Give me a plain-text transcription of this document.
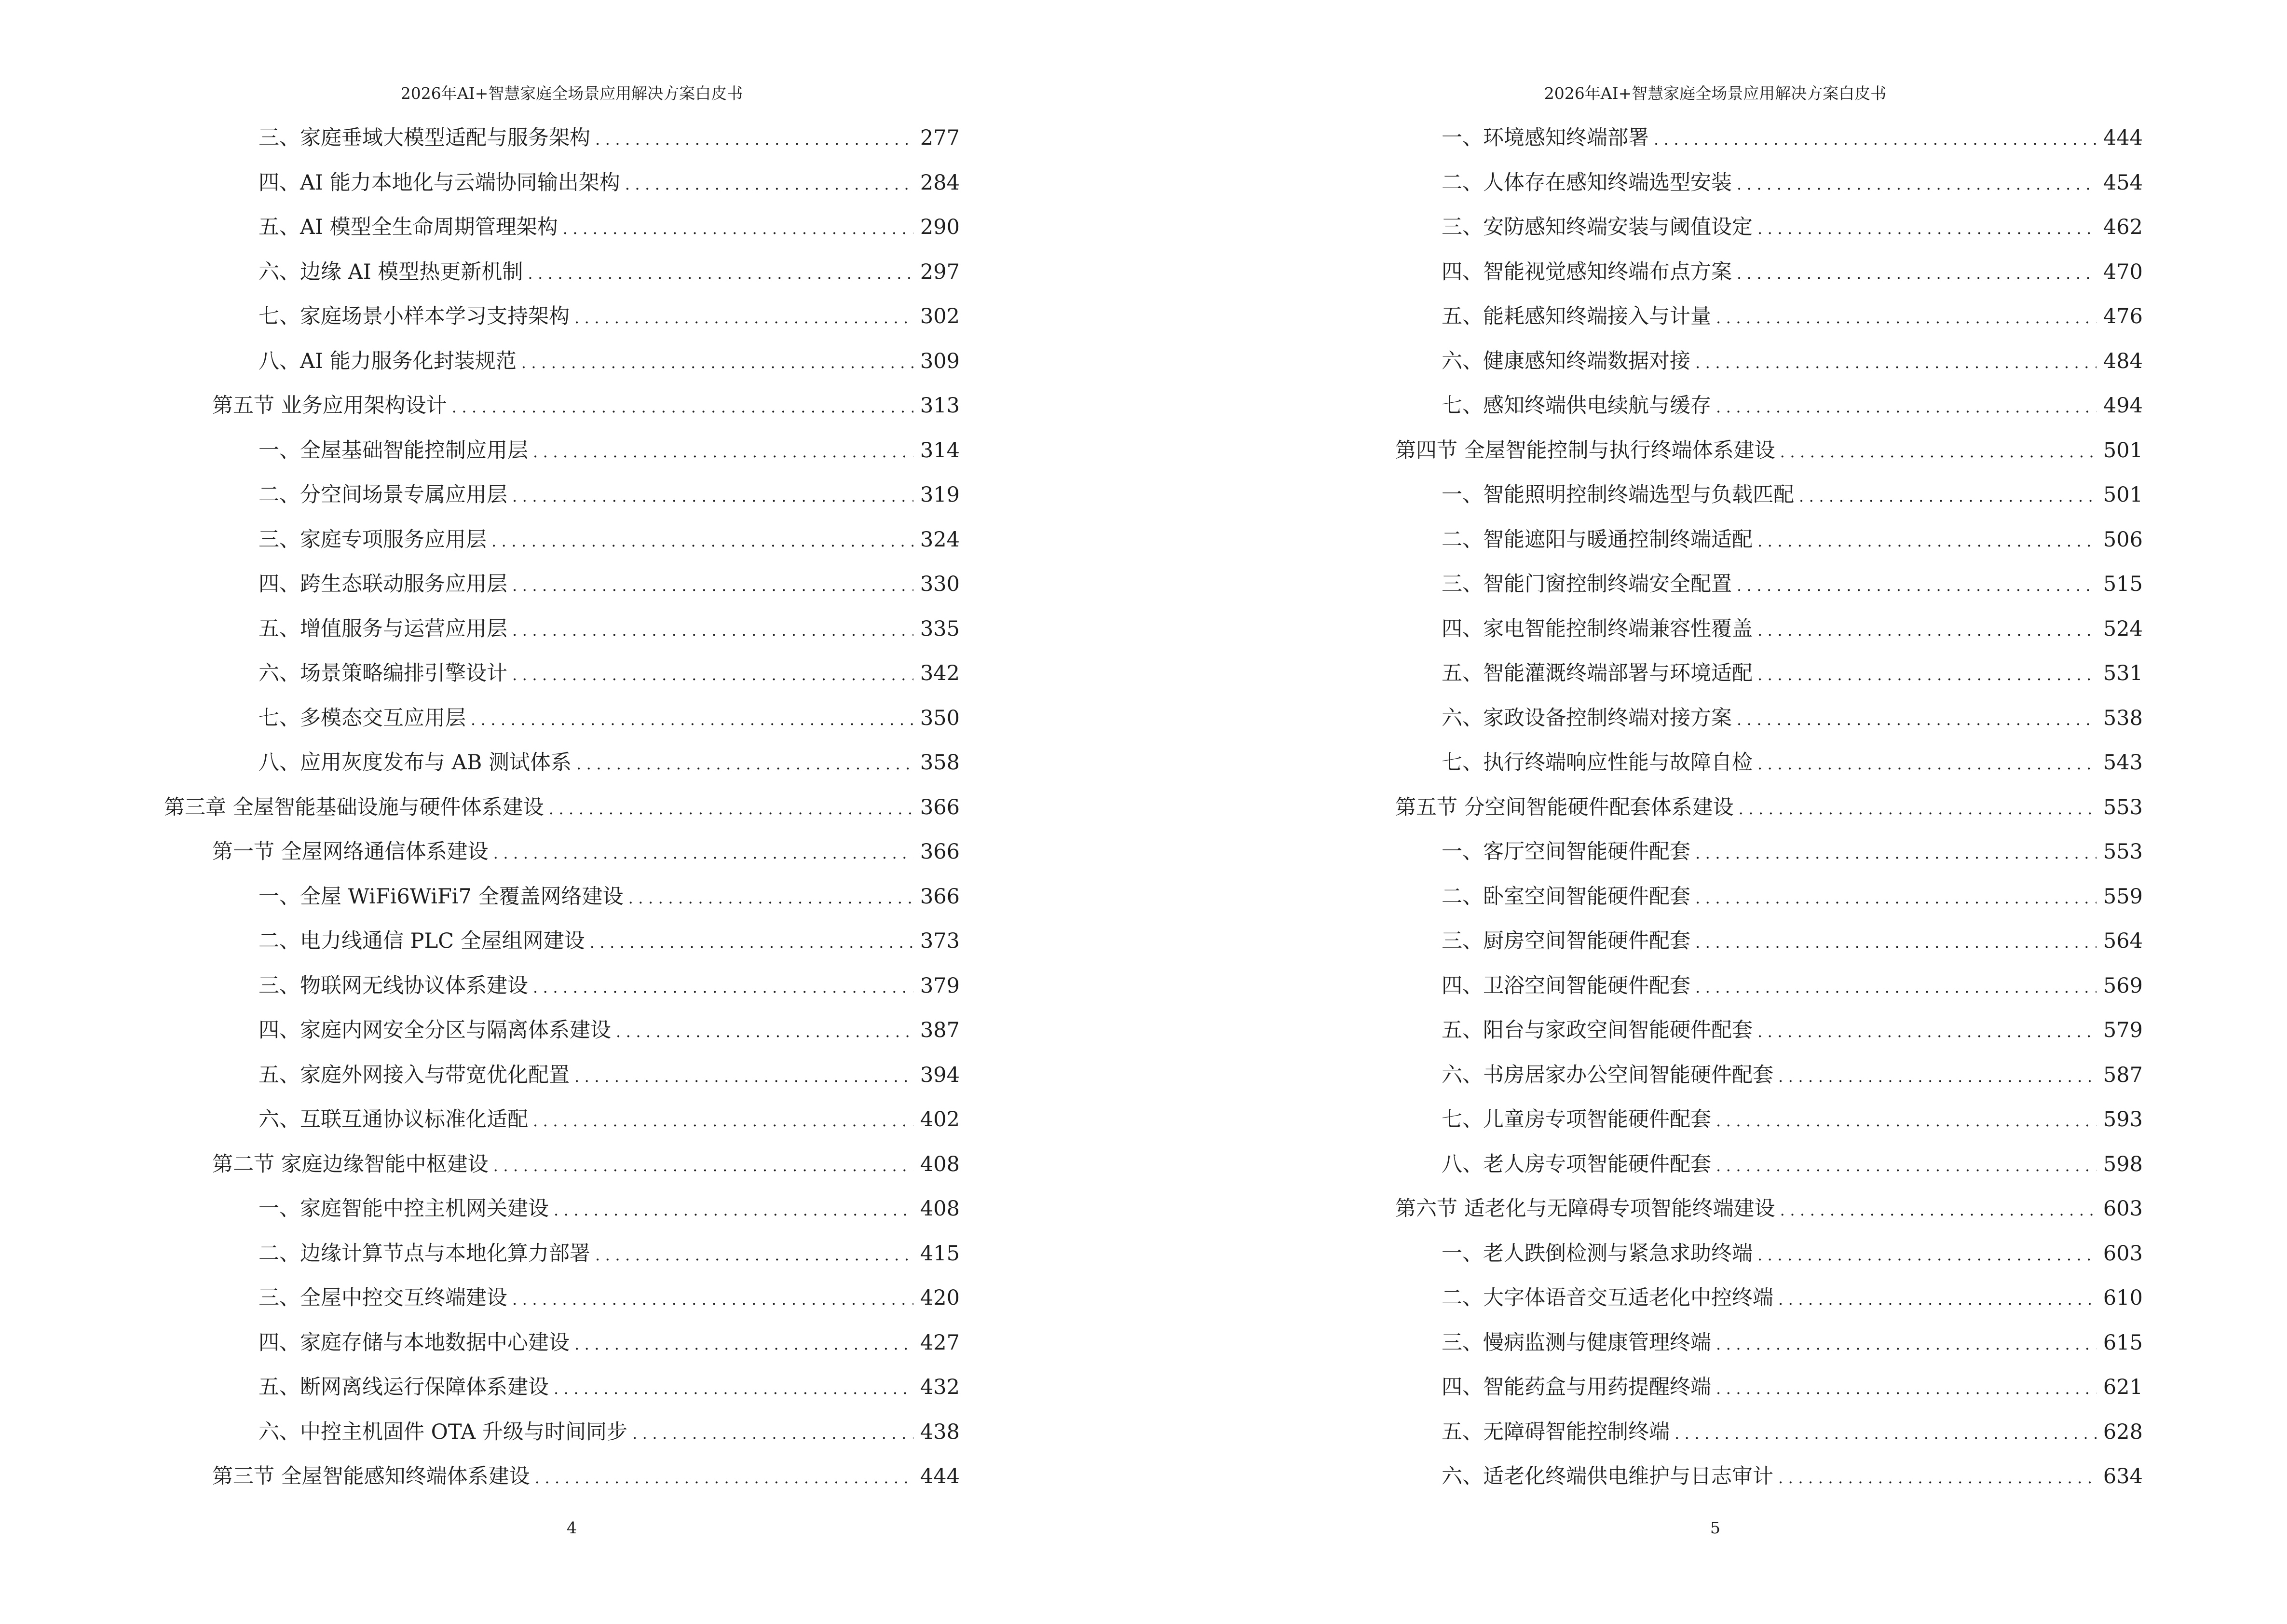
2026年AI+智慧家庭全场景应用解决方案白皮书
三、家庭垂域大模型适配与服务架构 .....	277
四、AI 能力本地化与云端协同输出架构 .....	284
五、AI 模型全生命周期管理架构 .....	290
六、边缘 AI 模型热更新机制 .....	297
七、家庭场景小样本学习支持架构 .....	302
八、AI 能力服务化封装规范 .....	309
第五节 业务应用架构设计 .....	313
一、全屋基础智能控制应用层 .....	314
二、分空间场景专属应用层 .....	319
三、家庭专项服务应用层 .....	324
四、跨生态联动服务应用层 .....	330
五、增值服务与运营应用层 .....	335
六、场景策略编排引擎设计 .....	342
七、多模态交互应用层 .....	350
八、应用灰度发布与 AB 测试体系 .....	358
第三章 全屋智能基础设施与硬件体系建设 .....	366
第一节 全屋网络通信体系建设 .....	366
一、全屋 WiFi6WiFi7 全覆盖网络建设 .....	366
二、电力线通信 PLC 全屋组网建设 .....	373
三、物联网无线协议体系建设 .....	379
四、家庭内网安全分区与隔离体系建设 .....	387
五、家庭外网接入与带宽优化配置 .....	394
六、互联互通协议标准化适配 .....	402
第二节 家庭边缘智能中枢建设 .....	408
一、家庭智能中控主机网关建设 .....	408
二、边缘计算节点与本地化算力部署 .....	415
三、全屋中控交互终端建设 .....	420
四、家庭存储与本地数据中心建设 .....	427
五、断网离线运行保障体系建设 .....	432
六、中控主机固件 OTA 升级与时间同步 .....	438
第三节 全屋智能感知终端体系建设 .....	444
4
2026年AI+智慧家庭全场景应用解决方案白皮书
一、环境感知终端部署 .....	444
二、人体存在感知终端选型安装 .....	454
三、安防感知终端安装与阈值设定 .....	462
四、智能视觉感知终端布点方案 .....	470
五、能耗感知终端接入与计量 .....	476
六、健康感知终端数据对接 .....	484
七、感知终端供电续航与缓存 .....	494
第四节 全屋智能控制与执行终端体系建设 .....	501
一、智能照明控制终端选型与负载匹配 .....	501
二、智能遮阳与暖通控制终端适配 .....	506
三、智能门窗控制终端安全配置 .....	515
四、家电智能控制终端兼容性覆盖 .....	524
五、智能灌溉终端部署与环境适配 .....	531
六、家政设备控制终端对接方案 .....	538
七、执行终端响应性能与故障自检 .....	543
第五节 分空间智能硬件配套体系建设 .....	553
一、客厅空间智能硬件配套 .....	553
二、卧室空间智能硬件配套 .....	559
三、厨房空间智能硬件配套 .....	564
四、卫浴空间智能硬件配套 .....	569
五、阳台与家政空间智能硬件配套 .....	579
六、书房居家办公空间智能硬件配套 .....	587
七、儿童房专项智能硬件配套 .....	593
八、老人房专项智能硬件配套 .....	598
第六节 适老化与无障碍专项智能终端建设 .....	603
一、老人跌倒检测与紧急求助终端 .....	603
二、大字体语音交互适老化中控终端 .....	610
三、慢病监测与健康管理终端 .....	615
四、智能药盒与用药提醒终端 .....	621
五、无障碍智能控制终端 .....	628
六、适老化终端供电维护与日志审计 .....	634
5
